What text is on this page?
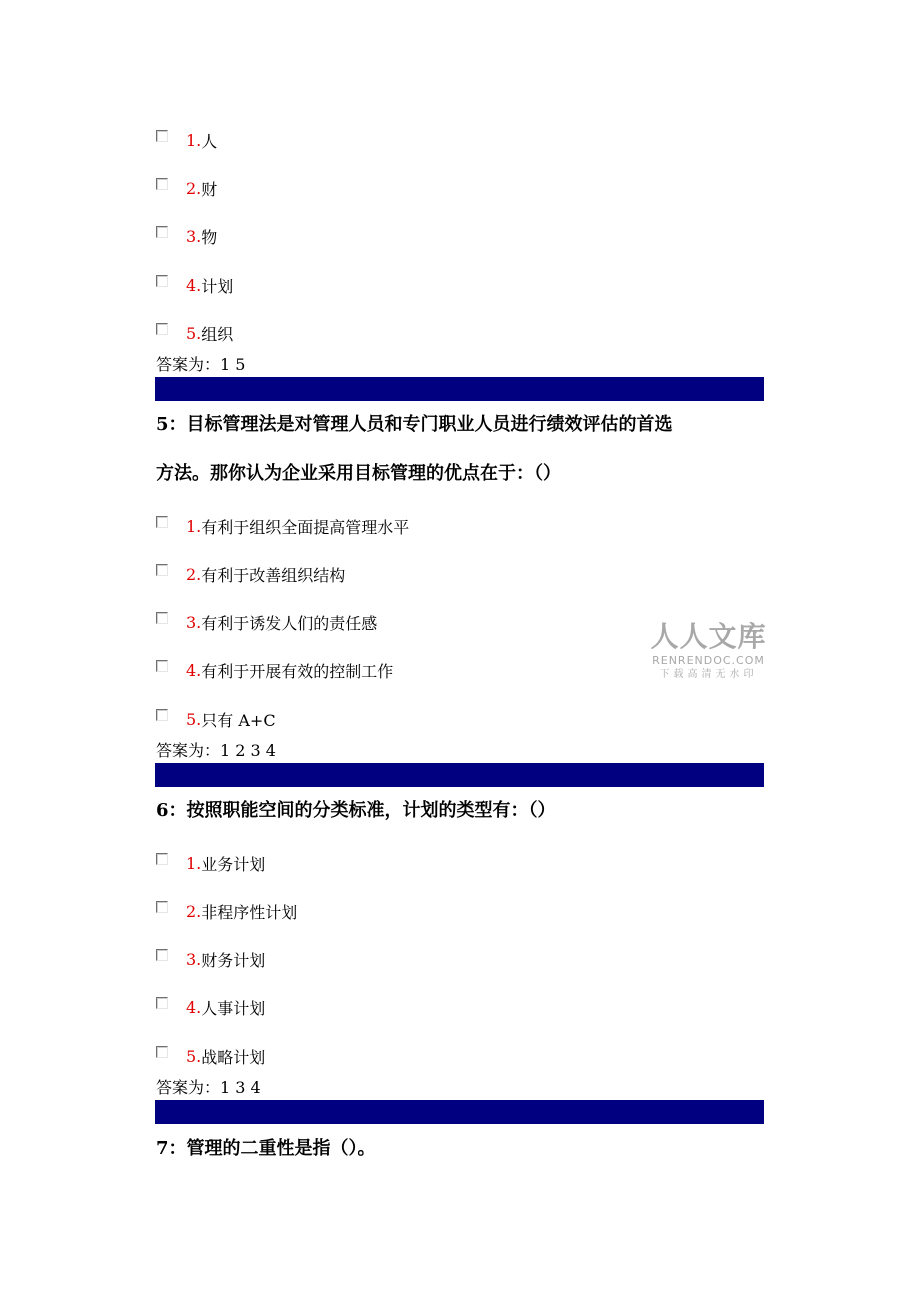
1. 人
2. 财
3. 物
4. 计划
5. 组织
答案为：1 5
5：目标管理法是对管理人员和专门职业人员进行绩效评估的首选
方法。那你认为企业采用目标管理的优点在于：（）
1. 有利于组织全面提高管理水平
2. 有利于改善组织结构
3. 有利于诱发人们的责任感
4. 有利于开展有效的控制工作
5. 只有 A+C
答案为：1 2 3 4
6：按照职能空间的分类标准，计划的类型有：（）
1. 业务计划
2. 非程序性计划
3. 财务计划
4. 人事计划
5. 战略计划
答案为：1 3 4
7：管理的二重性是指（）。
人人文库
RENRENDOC.COM
下载高清无水印
